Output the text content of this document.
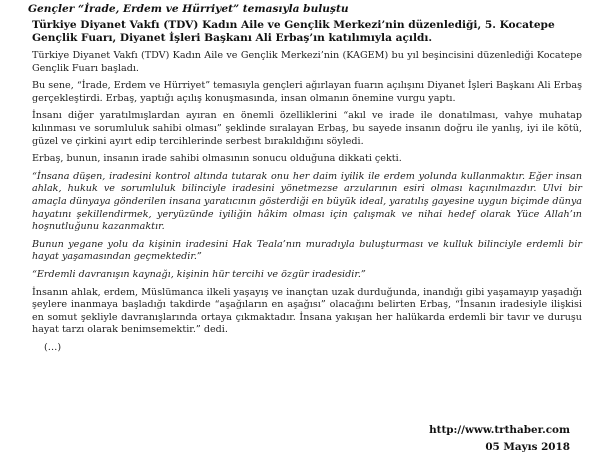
Gençler “İrade, Erdem ve Hürriyet” temasıyla buluştu
Türkiye Diyanet Vakfı (TDV) Kadın Aile ve Gençlik Merkezi’nin düzenlediği, 5. Kocatepe Gençlik Fuarı, Diyanet İşleri Başkanı Ali Erbaş’ın katılımıyla açıldı.
Türkiye Diyanet Vakfı (TDV) Kadın Aile ve Gençlik Merkezi’nin (KAGEM) bu yıl beşincisini düzenlediği Kocatepe Gençlik Fuarı başladı.
Bu sene, “İrade, Erdem ve Hürriyet” temasıyla gençleri ağırlayan fuarın açılışını Diyanet İşleri Başkanı Ali Erbaş gerçekleştirdi. Erbaş, yaptığı açılış konuşmasında, insan olmanın önemine vurgu yaptı.
İnsanı diğer yaratılmışlardan ayıran en önemli özelliklerini “akıl ve irade ile donatılması, vahye muhatap kılınması ve sorumluluk sahibi olması” şeklinde sıralayan Erbaş, bu sayede insanın doğru ile yanlış, iyi ile kötü, güzel ve çirkini ayırt edip tercihlerinde serbest bırakıldığını söyledi.
Erbaş, bunun, insanın irade sahibi olmasının sonucu olduğuna dikkati çekti.
“İnsana düşen, iradesini kontrol altında tutarak onu her daim iyilik ile erdem yolunda kullanmaktır. Eğer insan ahlak, hukuk ve sorumluluk bilinciyle iradesini yönetmezse arzularının esiri olması kaçınılmazdır. Ulvi bir amaçla dünyaya gönderilen insana yaratıcının gösterdiği en büyük ideal, yaratılış gayesine uygun biçimde dünya hayatını şekillendirmek, yeryüzünde iyiliğin hâkim olması için çalışmak ve nihai hedef olarak Yüce Allah’ın hoşnutluğunu kazanmaktır.
Bunun yegane yolu da kişinin iradesini Hak Teala’nın muradıyla buluşturması ve kulluk bilinciyle erdemli bir hayat yaşamasından geçmektedir.”
“Erdemli davranışın kaynağı, kişinin hür tercihi ve özgür iradesidir.”
İnsanın ahlak, erdem, Müslümanca ilkeli yaşayış ve inançtan uzak durduğunda, inandığı gibi yaşamayıp yaşadığı şeylere inanmaya başladığı takdirde “aşağıların en aşağısı” olacağını belirten Erbaş, “İnsanın iradesiyle ilişkisi en somut şekliyle davranışlarında ortaya çıkmaktadır. İnsana yakışan her halükarda erdemli bir tavır ve duruşu hayat tarzı olarak benimsemektir.” dedi.
(…)
http://www.trthaber.com
05 Mayıs 2018
